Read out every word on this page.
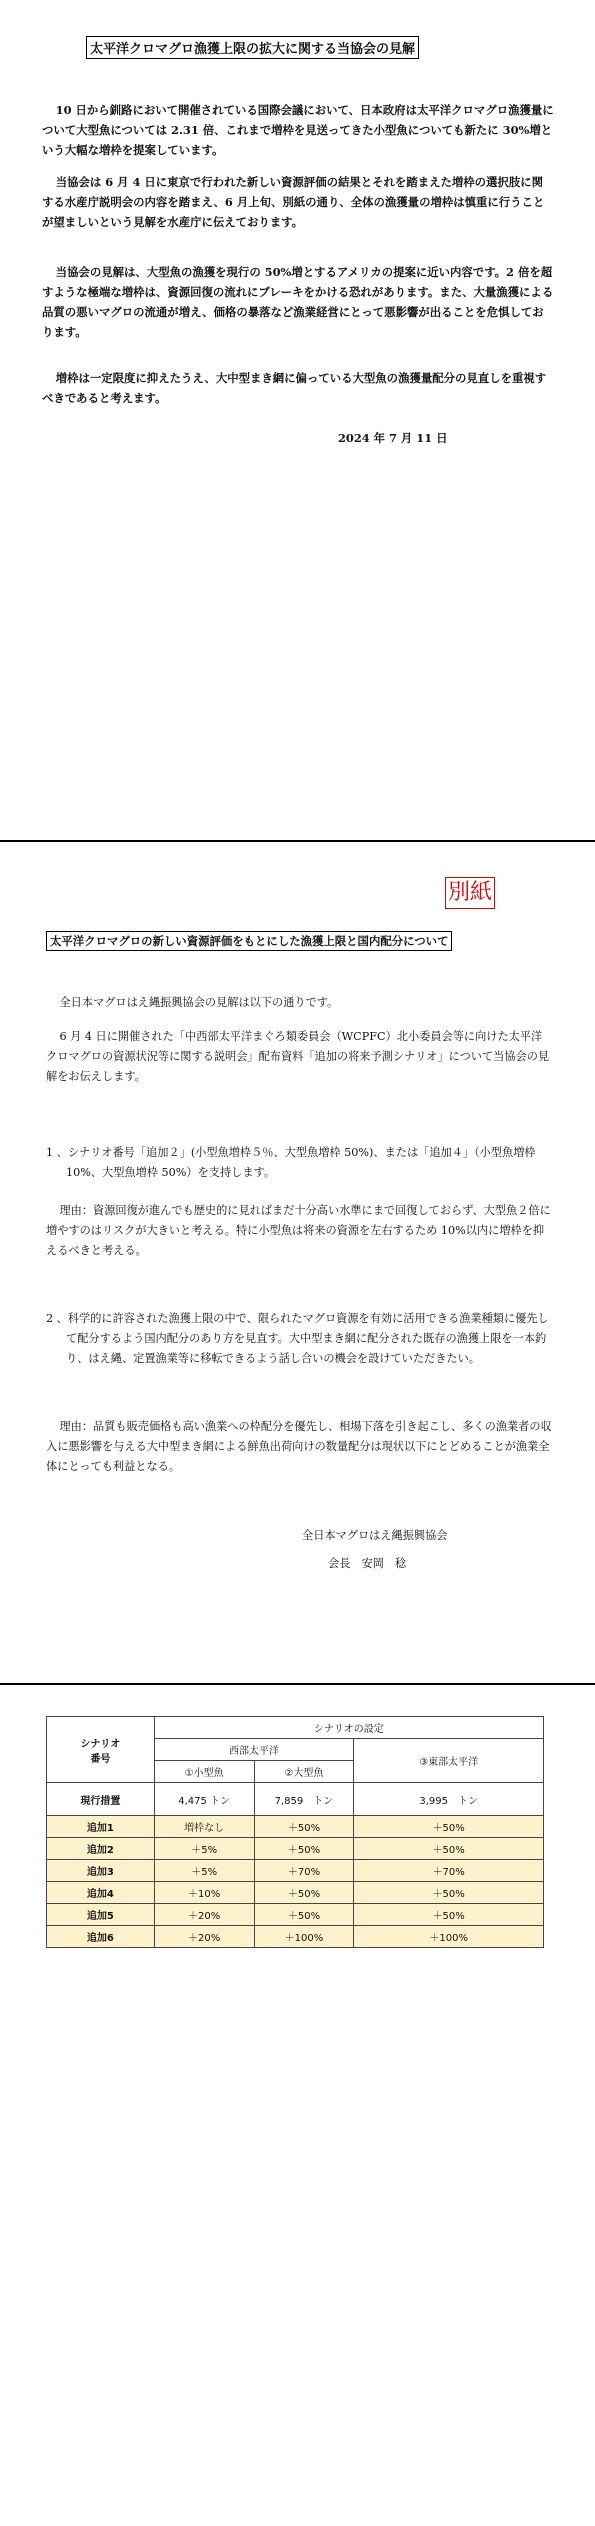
太平洋クロマグロ漁獲上限の拡大に関する当協会の見解

10 日から釧路において開催されている国際会議において、日本政府は太平洋クロマグロ漁獲量について大型魚については 2.31 倍、これまで増枠を見送ってきた小型魚についても新たに 30%増という大幅な増枠を提案しています。

当協会は 6 月 4 日に東京で行われた新しい資源評価の結果とそれを踏まえた増枠の選択肢に関する水産庁説明会の内容を踏まえ、6 月上旬、別紙の通り、全体の漁獲量の増枠は慎重に行うことが望ましいという見解を水産庁に伝えております。

当協会の見解は、大型魚の漁獲を現行の 50%増とするアメリカの提案に近い内容です。2 倍を超すような極端な増枠は、資源回復の流れにブレーキをかける恐れがあります。また、大量漁獲による品質の悪いマグロの流通が増え、価格の暴落など漁業経営にとって悪影響が出ることを危惧しております。

増枠は一定限度に抑えたうえ、大中型まき網に偏っている大型魚の漁獲量配分の見直しを重視すべきであると考えます。

2024 年 7 月 11 日
別紙
太平洋クロマグロの新しい資源評価をもとにした漁獲上限と国内配分について

全日本マグロはえ縄振興協会の見解は以下の通りです。

6 月 4 日に開催された「中西部太平洋まぐろ類委員会（WCPFC）北小委員会等に向けた太平洋クロマグロの資源状況等に関する説明会」配布資料「追加の将来予測シナリオ」について当協会の見解をお伝えします。

1 、シナリオ番号「追加２」(小型魚増枠５％、大型魚増枠 50%)、または「追加４」（小型魚増枠 10%、大型魚増枠 50%）を支持します。

理由：資源回復が進んでも歴史的に見ればまだ十分高い水準にまで回復しておらず、大型魚２倍に増やすのはリスクが大きいと考える。特に小型魚は将来の資源を左右するため 10%以内に増枠を抑えるべきと考える。

2 、科学的に許容された漁獲上限の中で、限られたマグロ資源を有効に活用できる漁業種類に優先して配分するよう国内配分のあり方を見直す。大中型まき網に配分された既存の漁獲上限を一本釣り、はえ縄、定置漁業等に移転できるよう話し合いの機会を設けていただきたい。

理由：品質も販売価格も高い漁業への枠配分を優先し、相場下落を引き起こし、多くの漁業者の収入に悪影響を与える大中型まき網による鮮魚出荷向けの数量配分は現状以下にとどめることが漁業全体にとっても利益となる。

全日本マグロはえ縄振興協会
会長　安岡　稔
シナリオ
番号	シナリオの設定		
	西部太平洋		③東部太平洋
	①小型魚	②大型魚	
現行措置	4,475 トン	7,859　トン	3,995　トン
追加1	増枠なし	＋50%	＋50%
追加2	＋5%	＋50%	＋50%
追加3	＋5%	＋70%	＋70%
追加4	＋10%	＋50%	＋50%
追加5	＋20%	＋50%	＋50%
追加6	＋20%	＋100%	＋100%
